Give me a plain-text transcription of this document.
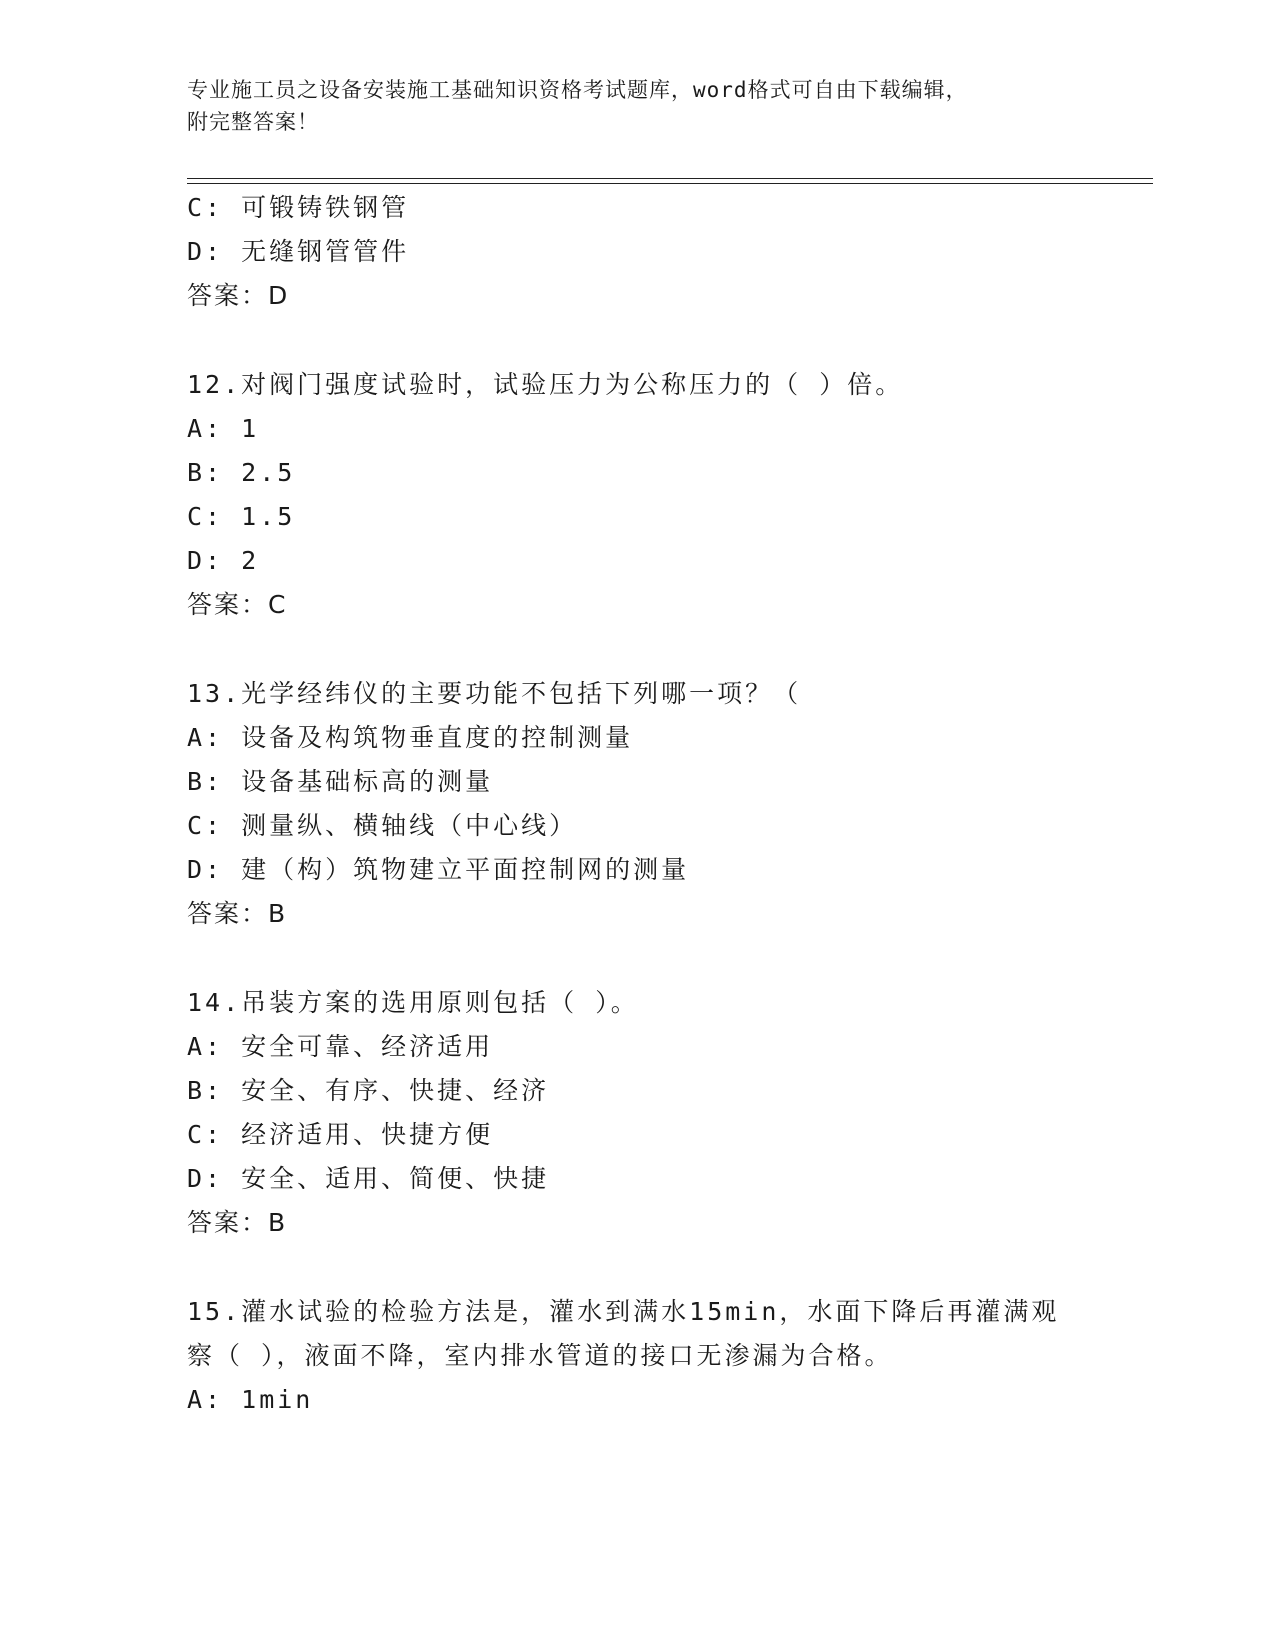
专业施工员之设备安装施工基础知识资格考试题库，word格式可自由下载编辑，
附完整答案！
C: 可锻铸铁钢管
D: 无缝钢管管件
答案：D
12.对阀门强度试验时，试验压力为公称压力的（ ）倍。
A: 1
B: 2.5
C: 1.5
D: 2
答案：C
13.光学经纬仪的主要功能不包括下列哪一项？（
A: 设备及构筑物垂直度的控制测量
B: 设备基础标高的测量
C: 测量纵、横轴线（中心线）
D: 建（构）筑物建立平面控制网的测量
答案：B
14.吊装方案的选用原则包括（ ）。
A: 安全可靠、经济适用
B: 安全、有序、快捷、经济
C: 经济适用、快捷方便
D: 安全、适用、简便、快捷
答案：B
15.灌水试验的检验方法是，灌水到满水15min，水面下降后再灌满观
察（ ），液面不降，室内排水管道的接口无渗漏为合格。
A: 1min
